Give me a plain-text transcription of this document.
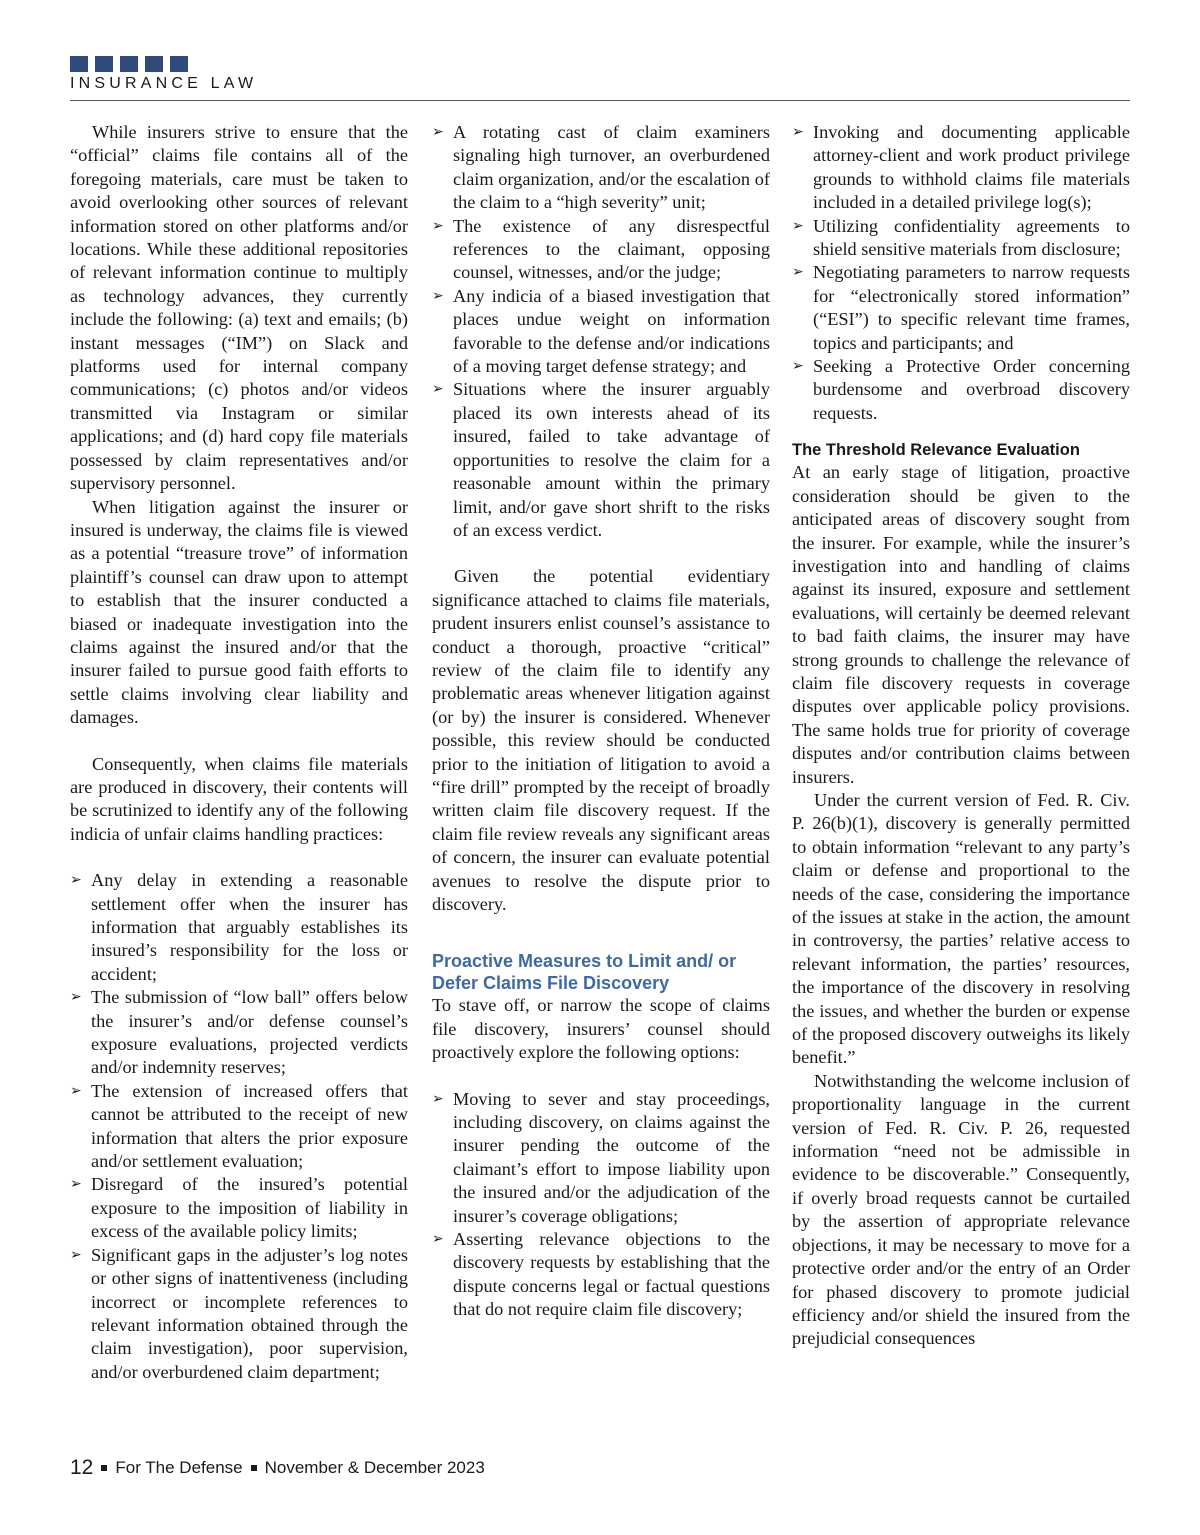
INSURANCE LAW

While insurers strive to ensure that the “official” claims file contains all of the foregoing materials, care must be taken to avoid overlooking other sources of relevant information stored on other platforms and/or locations. While these additional repositories of relevant information continue to multiply as technology advances, they currently include the following: (a) text and emails; (b) instant messages (“IM”) on Slack and platforms used for internal company communications; (c) photos and/or videos transmitted via Instagram or similar applications; and (d) hard copy file materials possessed by claim representatives and/or supervisory personnel.

When litigation against the insurer or insured is underway, the claims file is viewed as a potential “treasure trove” of information plaintiff’s counsel can draw upon to attempt to establish that the insurer conducted a biased or inadequate investigation into the claims against the insured and/or that the insurer failed to pursue good faith efforts to settle claims involving clear liability and damages.

Consequently, when claims file materials are produced in discovery, their contents will be scrutinized to identify any of the following indicia of unfair claims handling practices:

➢ Any delay in extending a reasonable settlement offer when the insurer has information that arguably establishes its insured’s responsibility for the loss or accident;
➢ The submission of “low ball” offers below the insurer’s and/or defense counsel’s exposure evaluations, projected verdicts and/or indemnity reserves;
➢ The extension of increased offers that cannot be attributed to the receipt of new information that alters the prior exposure and/or settlement evaluation;
➢ Disregard of the insured’s potential exposure to the imposition of liability in excess of the available policy limits;
➢ Significant gaps in the adjuster’s log notes or other signs of inattentiveness (including incorrect or incomplete references to relevant information obtained through the claim investigation), poor supervision, and/or overburdened claim department;
➢ A rotating cast of claim examiners signaling high turnover, an overburdened claim organization, and/or the escalation of the claim to a “high severity” unit;
➢ The existence of any disrespectful references to the claimant, opposing counsel, witnesses, and/or the judge;
➢ Any indicia of a biased investigation that places undue weight on information favorable to the defense and/or indications of a moving target defense strategy; and
➢ Situations where the insurer arguably placed its own interests ahead of its insured, failed to take advantage of opportunities to resolve the claim for a reasonable amount within the primary limit, and/or gave short shrift to the risks of an excess verdict.

Given the potential evidentiary significance attached to claims file materials, prudent insurers enlist counsel’s assistance to conduct a thorough, proactive “critical” review of the claim file to identify any problematic areas whenever litigation against (or by) the insurer is considered. Whenever possible, this review should be conducted prior to the initiation of litigation to avoid a “fire drill” prompted by the receipt of broadly written claim file discovery request. If the claim file review reveals any significant areas of concern, the insurer can evaluate potential avenues to resolve the dispute prior to discovery.

Proactive Measures to Limit and/ or Defer Claims File Discovery

To stave off, or narrow the scope of claims file discovery, insurers’ counsel should proactively explore the following options:

➢ Moving to sever and stay proceedings, including discovery, on claims against the insurer pending the outcome of the claimant’s effort to impose liability upon the insured and/or the adjudication of the insurer’s coverage obligations;
➢ Asserting relevance objections to the discovery requests by establishing that the dispute concerns legal or factual questions that do not require claim file discovery;
➢ Invoking and documenting applicable attorney-client and work product privilege grounds to withhold claims file materials included in a detailed privilege log(s);
➢ Utilizing confidentiality agreements to shield sensitive materials from disclosure;
➢ Negotiating parameters to narrow requests for “electronically stored information” (“ESI”) to specific relevant time frames, topics and participants; and
➢ Seeking a Protective Order concerning burdensome and overbroad discovery requests.
The Threshold Relevance Evaluation

At an early stage of litigation, proactive consideration should be given to the anticipated areas of discovery sought from the insurer. For example, while the insurer’s investigation into and handling of claims against its insured, exposure and settlement evaluations, will certainly be deemed relevant to bad faith claims, the insurer may have strong grounds to challenge the relevance of claim file discovery requests in coverage disputes over applicable policy provisions. The same holds true for priority of coverage disputes and/or contribution claims between insurers.

Under the current version of Fed. R. Civ. P. 26(b)(1), discovery is generally permitted to obtain information “relevant to any party’s claim or defense and proportional to the needs of the case, considering the importance of the issues at stake in the action, the amount in controversy, the parties’ relative access to relevant information, the parties’ resources, the importance of the discovery in resolving the issues, and whether the burden or expense of the proposed discovery outweighs its likely benefit.”

Notwithstanding the welcome inclusion of proportionality language in the current version of Fed. R. Civ. P. 26, requested information “need not be admissible in evidence to be discoverable.” Consequently, if overly broad requests cannot be curtailed by the assertion of appropriate relevance objections, it may be necessary to move for a protective order and/or the entry of an Order for phased discovery to promote judicial efficiency and/or shield the insured from the prejudicial consequences

12 For The Defense November & December 2023
